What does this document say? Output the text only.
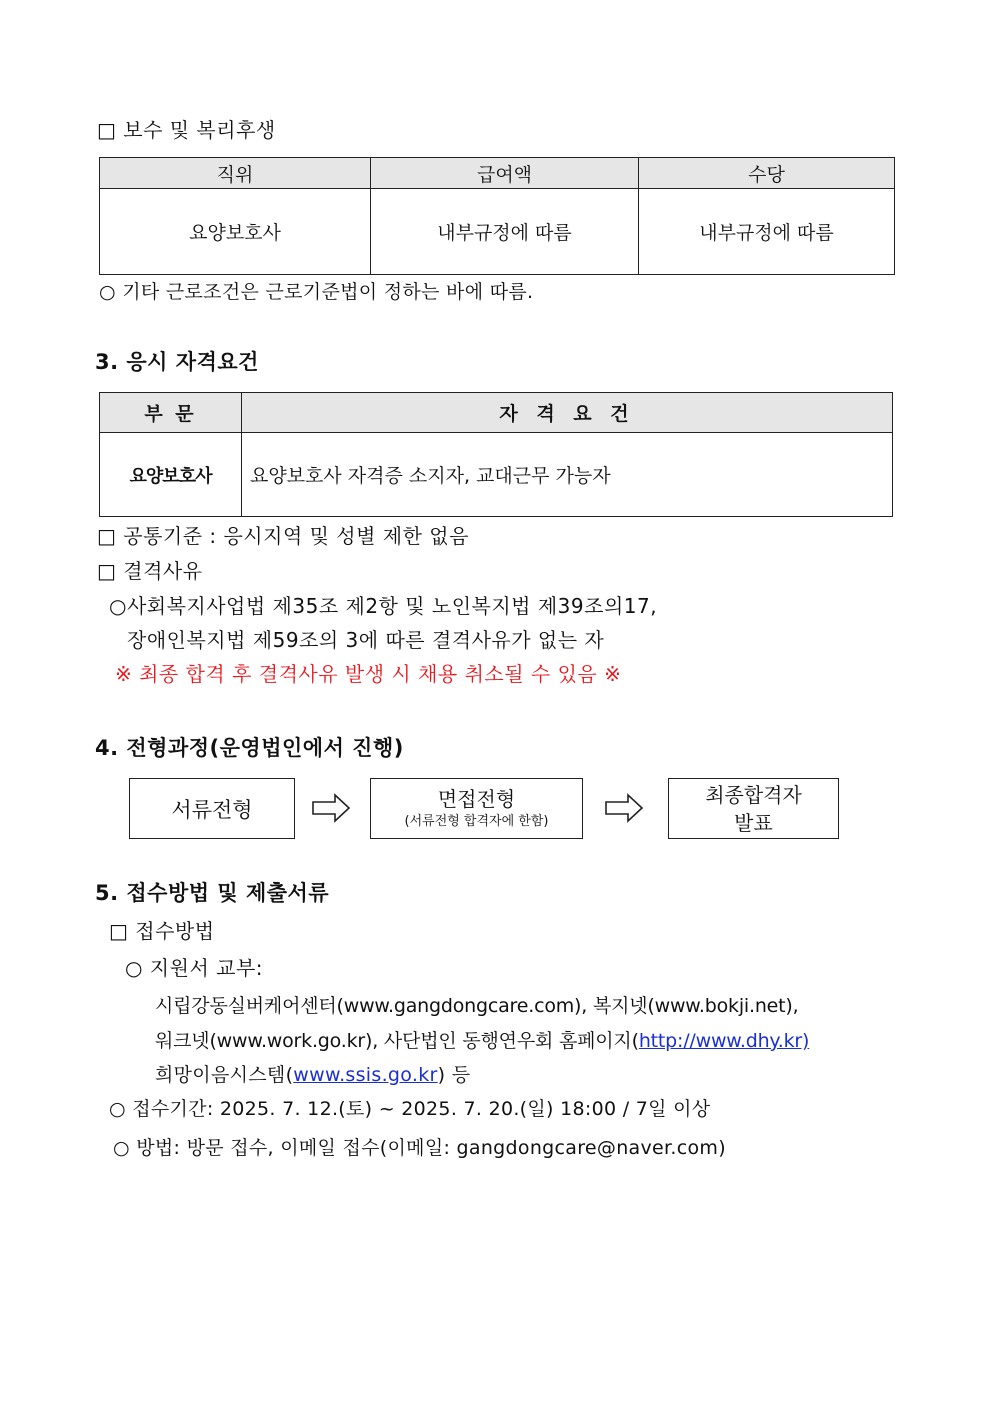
□ 보수 및 복리후생
직위	급여액	수당
요양보호사	내부규정에 따름	내부규정에 따름
○ 기타 근로조건은 근로기준법이 정하는 바에 따름.
3. 응시 자격요건
부 문	자 격 요 건
요양보호사	요양보호사 자격증 소지자, 교대근무 가능자
□ 공통기준 : 응시지역 및 성별 제한 없음
□ 결격사유
○사회복지사업법 제35조 제2항 및 노인복지법 제39조의17,
장애인복지법 제59조의 3에 따른 결격사유가 없는 자
※ 최종 합격 후 결격사유 발생 시 채용 취소될 수 있음 ※
4. 전형과정(운영법인에서 진행)
서류전형	면접전형
(서류전형 합격자에 한함)
최종합격자
발표
5. 접수방법 및 제출서류
□ 접수방법
○ 지원서 교부:
시립강동실버케어센터(www.gangdongcare.com), 복지넷(www.bokji.net),
워크넷(www.work.go.kr), 사단법인 동행연우회 홈페이지(http://www.dhy.kr)
희망이음시스템(www.ssis.go.kr) 등
○ 접수기간: 2025. 7. 12.(토) ~ 2025. 7. 20.(일) 18:00 / 7일 이상
○ 방법: 방문 접수, 이메일 접수(이메일: gangdongcare@naver.com)
